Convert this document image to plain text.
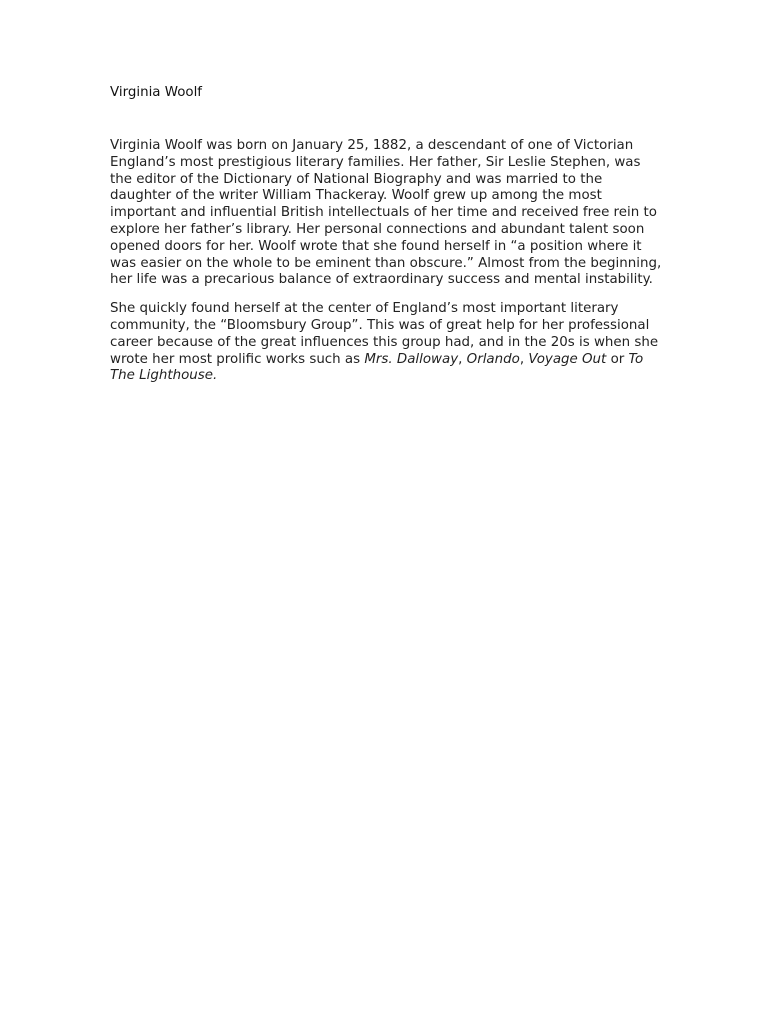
Virginia Woolf

Virginia Woolf was born on January 25, 1882, a descendant of one of Victorian England’s most prestigious literary families. Her father, Sir Leslie Stephen, was the editor of the Dictionary of National Biography and was married to the daughter of the writer William Thackeray. Woolf grew up among the most important and influential British intellectuals of her time and received free rein to explore her father’s library. Her personal connections and abundant talent soon opened doors for her. Woolf wrote that she found herself in “a position where it was easier on the whole to be eminent than obscure.” Almost from the beginning, her life was a precarious balance of extraordinary success and mental instability.

She quickly found herself at the center of England’s most important literary community, the “Bloomsbury Group”. This was of great help for her professional career because of the great influences this group had, and in the 20s is when she wrote her most prolific works such as Mrs. Dalloway, Orlando, Voyage Out or To The Lighthouse.
